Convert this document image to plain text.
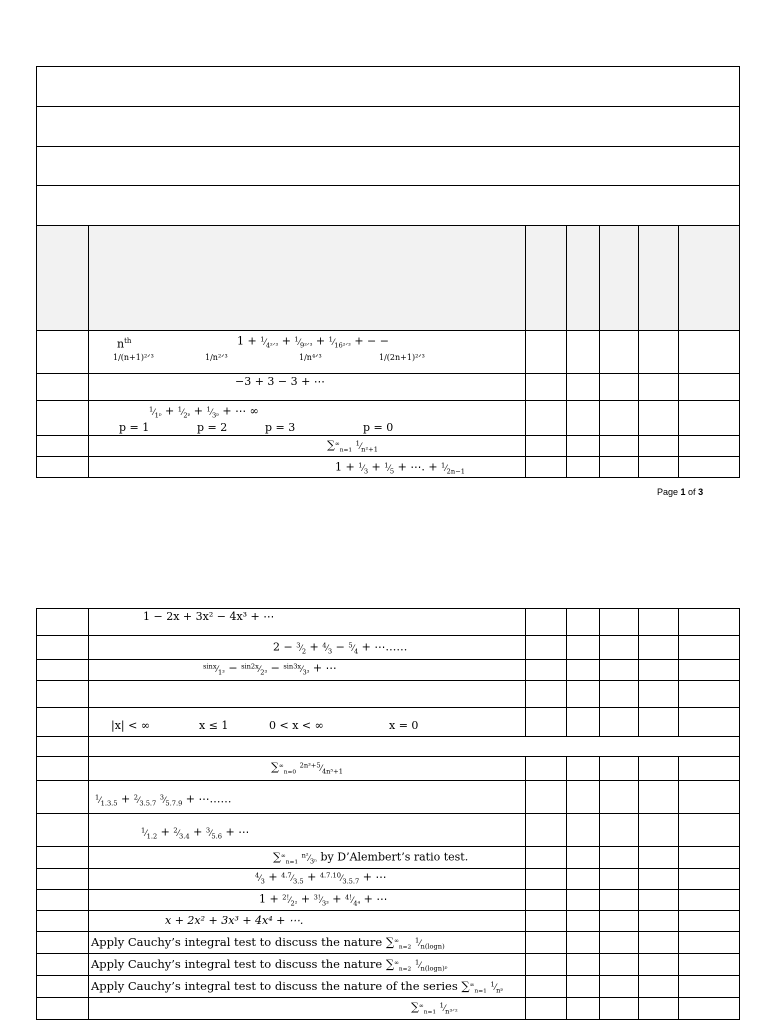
$n^{th}$	$1 + ^1⁄_{4^2ᐟ^3}$ + $^1⁄_{9^2ᐟ^3}$ + $^1⁄_{16^2ᐟ^3}$ + − −
1/(n+1)²ᐟ³	1/n²ᐟ³	1/n⁴ᐟ³	1/(2n+1)²ᐟ³
−3 + 3 − 3 + ⋯
$^1⁄_{1ᵖ}$ + $^1⁄_{2ᵖ}$ + $^1⁄_{3ᵖ}$ + ⋯ ∞
p = 1	p = 2	p = 3	p = 0
$\sum^\infty_{n=1}$ $^1⁄_{n^2+1}$
$1 + ^1⁄_3$ + $^1⁄_5$ + ⋯. + $^1⁄_{2n-1}$
Page 1 of 3
1 − 2x + 3x² − 4x³ + ⋯
$2 - ^3⁄_2$ + $^4⁄_3$ − $^5⁄_4$ + ⋯……
$^{sinx}⁄_{1^3}$ − $^{sin2x}⁄_{2^3}$ − $^{sin3x}⁄_{3^3}$ + ⋯
|x| < ∞	x ≤ 1	0 < x < ∞	x = 0
$\sum^\infty_{n=0}$ $^{2n^3+5}⁄_{4n^5+1}$
$^1⁄_{1.3.5}$ + $^2⁄_{3.5.7}$ $^3⁄_{5.7.9}$ + ⋯……
$^1⁄_{1.2}$ + $^2⁄_{3.4}$ + $^3⁄_{5.6}$ + ⋯
$\sum^\infty_{n=1}$ $^{n^2}⁄_{3^n}$ by D’Alembert’s ratio test.
$^4⁄_3$ + $^{4.7}⁄_{3.5}$ + $^{4.7.10}⁄_{3.5.7}$ + ⋯
$1 + ^{2!}⁄_{2^2}$ + $^{3!}⁄_{3^3}$ + $^{4!}⁄_{4^4}$ + ⋯
x + 2x² + 3x³ + 4x⁴ + ⋯.
Apply Cauchy’s integral test to discuss the nature $\sum^\infty_{n=2}$ $^1⁄_{n(logn)}$
Apply Cauchy’s integral test to discuss the nature $\sum^\infty_{n=2}$ $^1⁄_{n(logn)ᵖ}$
Apply Cauchy’s integral test to discuss the nature of the series $\sum^\infty_{n=1}$ $^1⁄_{nᵖ}$
$\sum^\infty_{n=1}$ $^1⁄_{n^3ᐟ^2}$
